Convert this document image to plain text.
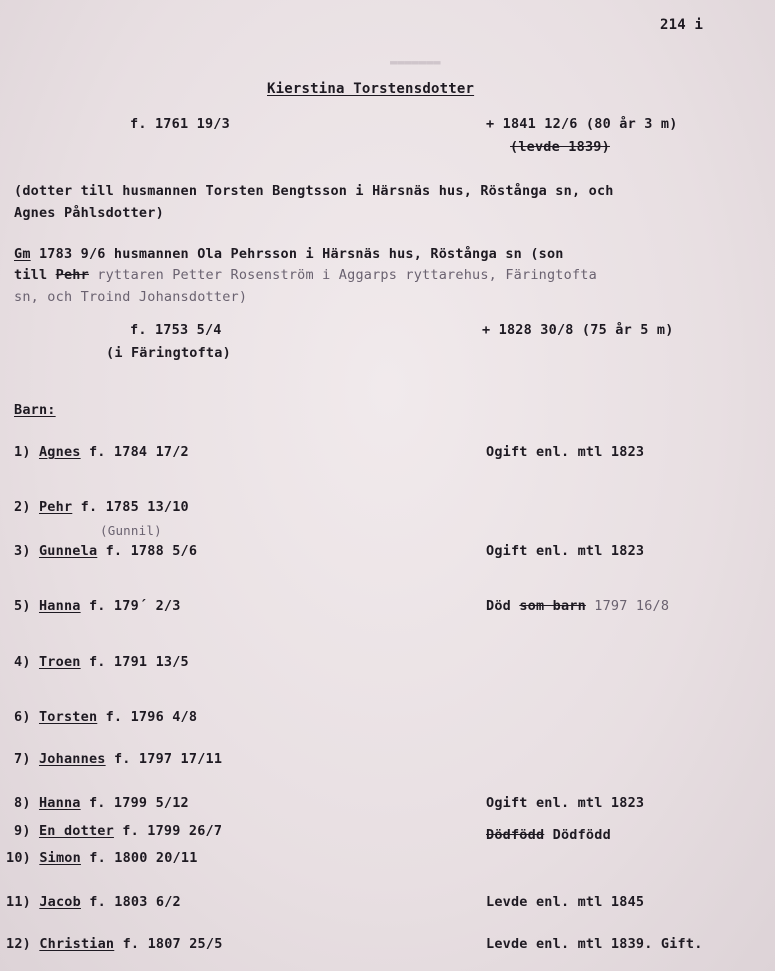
▬▬▬▬▬▬▬
214 i
Kierstina Torstensdotter
f. 1761 19/3	+ 1841 12/6 (80 år 3 m)
(levde 1839)
(dotter till husmannen Torsten Bengtsson i Härsnäs hus, Röstånga sn, och
Agnes Påhlsdotter)
Gm 1783 9/6 husmannen Ola Pehrsson i Härsnäs hus, Röstånga sn (son
till Pehr ryttaren Petter Rosenström i Aggarps ryttarehus, Färingtofta
sn, och Troind Johansdotter)
f. 1753 5/4	+ 1828 30/8 (75 år 5 m)
(i Färingtofta)
Barn:
1) Agnes f. 1784 17/2	Ogift enl. mtl 1823
2) Pehr f. 1785 13/10
(Gunnil)
3) Gunnela f. 1788 5/6	Ogift enl. mtl 1823
5) Hanna f. 179´ 2/3	Död som barn 1797 16/8
4) Troen f. 1791 13/5
6) Torsten f. 1796 4/8
7) Johannes f. 1797 17/11
8) Hanna f. 1799 5/12	Ogift enl. mtl 1823
9) En dotter f. 1799 26/7	Dödfödd Dödfödd
10) Simon f. 1800 20/11
11) Jacob f. 1803 6/2	Levde enl. mtl 1845
12) Christian f. 1807 25/5	Levde enl. mtl 1839. Gift.
